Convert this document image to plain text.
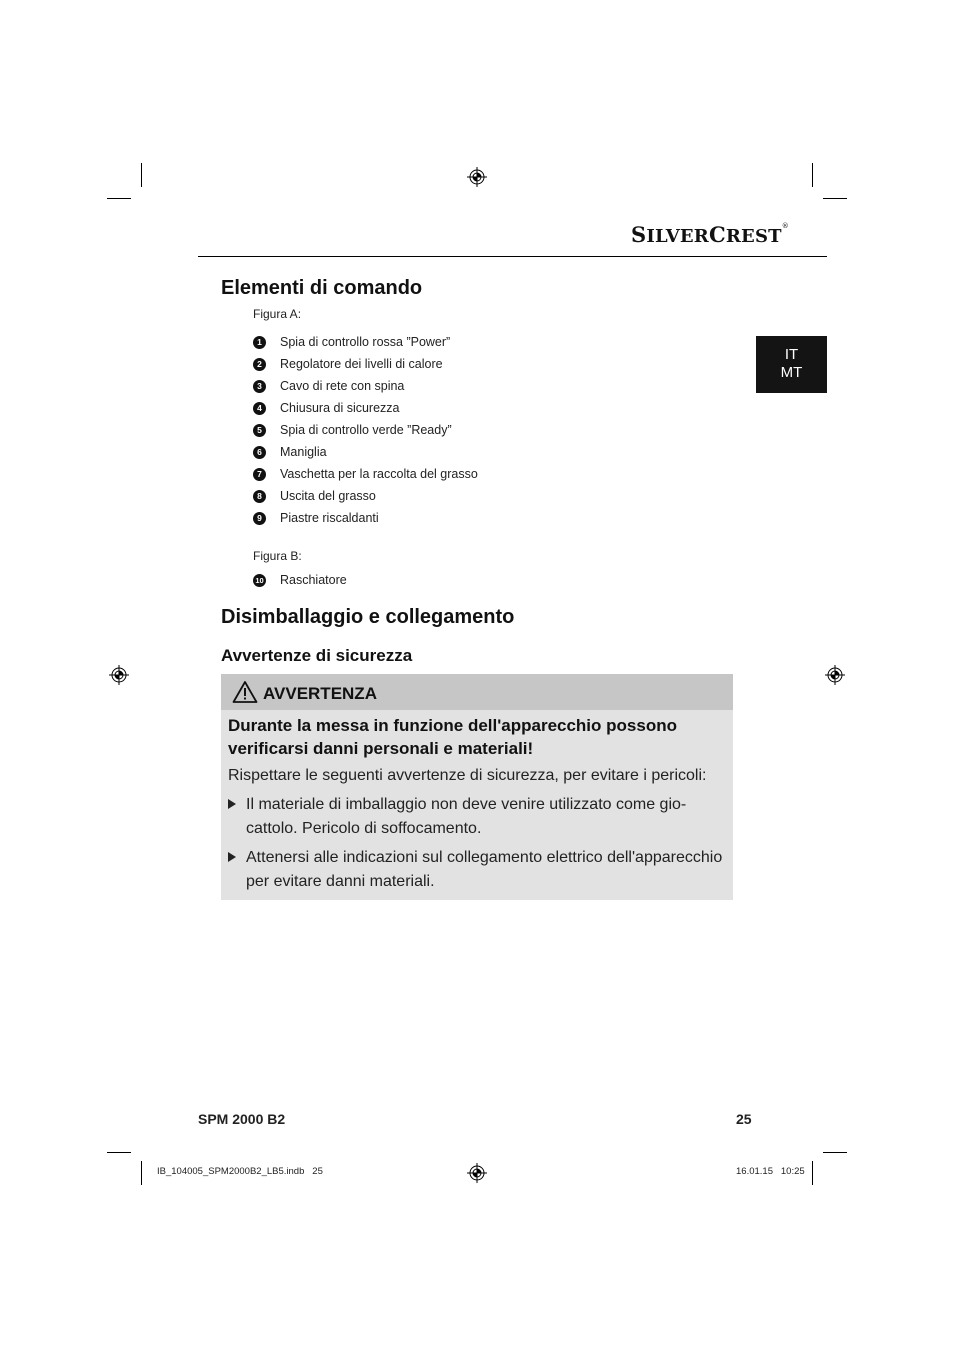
SILVERCREST®
IT
MT
Elementi di comando
Figura A:
1	Spia di controllo rossa ”Power”
2	Regolatore dei livelli di calore
3	Cavo di rete con spina
4	Chiusura di sicurezza
5	Spia di controllo verde ”Ready”
6	Maniglia
7	Vaschetta per la raccolta del grasso
8	Uscita del grasso
9	Piastre riscaldanti
Figura B:
10 Raschiatore
Disimballaggio e collegamento
Avvertenze di sicurezza
AVVERTENZA
Durante la messa in funzione dell'apparecchio possono verificarsi danni personali e materiali!
Rispettare le seguenti avvertenze di sicurezza, per evitare i pericoli:
Il materiale di imballaggio non deve venire utilizzato come gio-
cattolo. Pericolo di soffocamento.
Attenersi alle indicazioni sul collegamento elettrico dell'apparecchio
per evitare danni materiali.
SPM 2000 B2	25
IB_104005_SPM2000B2_LB5.indb   25	16.01.15   10:25
